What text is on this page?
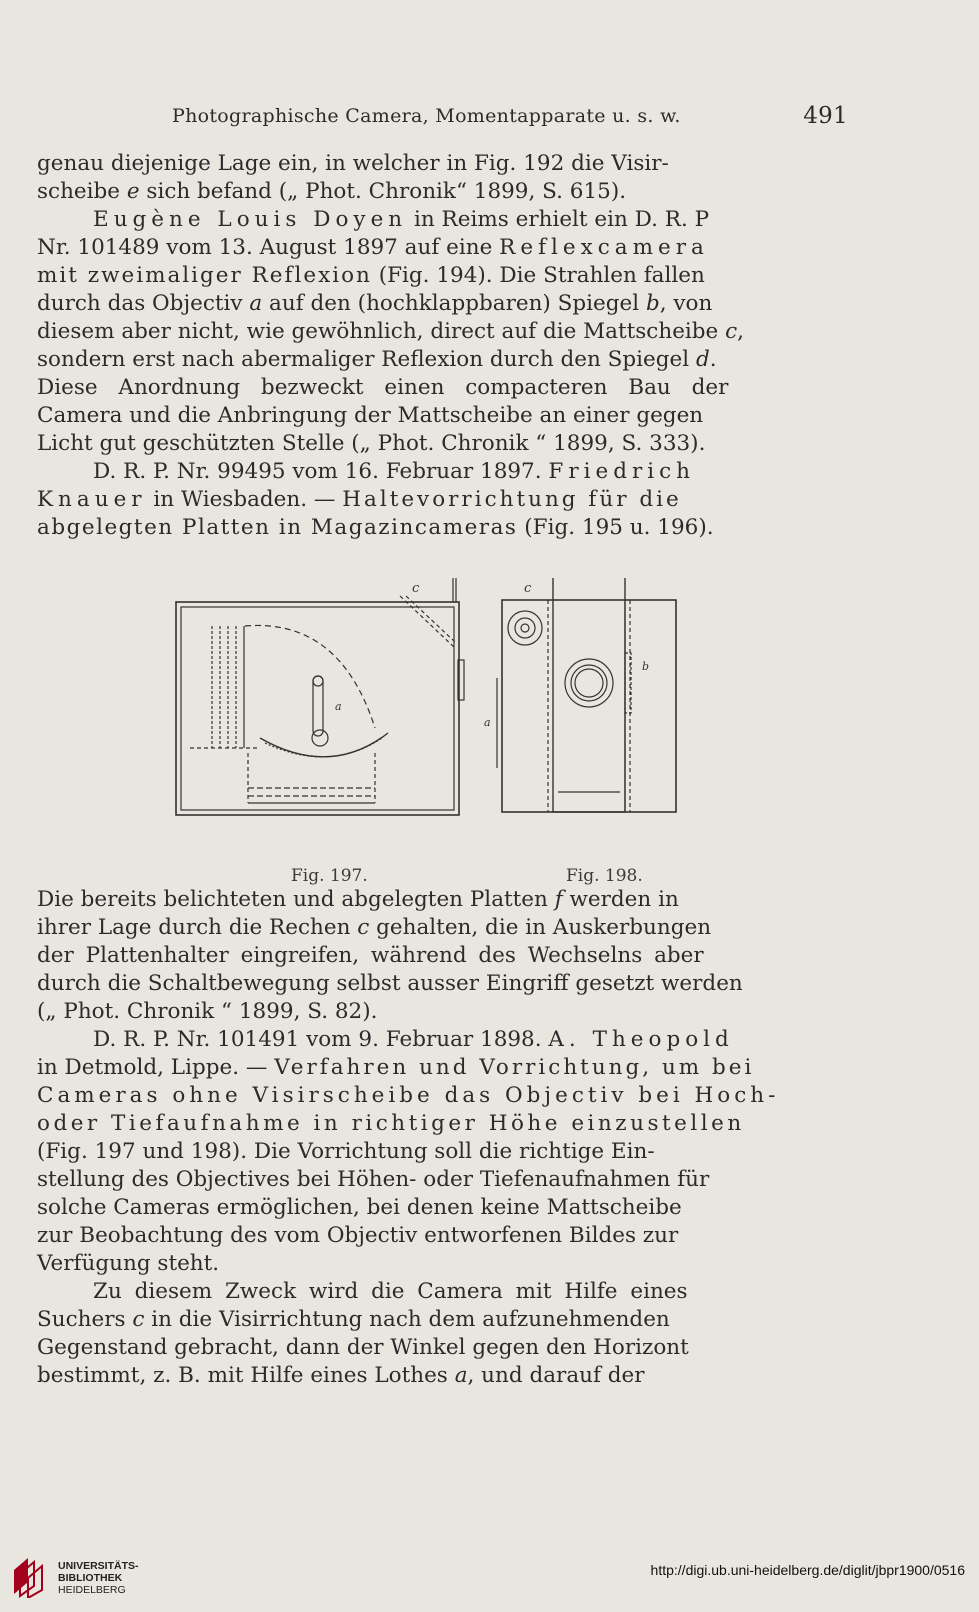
Photographische Camera, Momentapparate u. s. w.	491
genau diejenige Lage ein, in welcher in Fig. 192 die Visir-
scheibe e sich befand („ Phot. Chronik“ 1899, S. 615).
Eugène Louis Doyen in Reims erhielt ein D. R. P
Nr. 101489 vom 13. August 1897 auf eine Reflexcamera
mit zweimaliger Reflexion (Fig. 194). Die Strahlen fallen
durch das Objectiv a auf den (hochklappbaren) Spiegel b, von
diesem aber nicht, wie gewöhnlich, direct auf die Mattscheibe c,
sondern erst nach abermaliger Reflexion durch den Spiegel d.
Diese Anordnung bezweckt einen compacteren Bau der
Camera und die Anbringung der Mattscheibe an einer gegen
Licht gut geschützten Stelle („ Phot. Chronik “ 1899, S. 333).
D. R. P. Nr. 99495 vom 16. Februar 1897. Friedrich
Knauer in Wiesbaden. — Haltevorrichtung für die
abgelegten Platten in Magazincameras (Fig. 195 u. 196).
c
a
c
b
a
Fig. 197.	Fig. 198.
Die bereits belichteten und abgelegten Platten f werden in
ihrer Lage durch die Rechen c gehalten, die in Auskerbungen
der Plattenhalter eingreifen, während des Wechselns aber
durch die Schaltbewegung selbst ausser Eingriff gesetzt werden
(„ Phot. Chronik “ 1899, S. 82).
D. R. P. Nr. 101491 vom 9. Februar 1898. A. Theopold
in Detmold, Lippe. — Verfahren und Vorrichtung, um bei
Cameras ohne Visirscheibe das Objectiv bei Hoch-
oder Tiefaufnahme in richtiger Höhe einzustellen
(Fig. 197 und 198). Die Vorrichtung soll die richtige Ein-
stellung des Objectives bei Höhen- oder Tiefenaufnahmen für
solche Cameras ermöglichen, bei denen keine Mattscheibe
zur Beobachtung des vom Objectiv entworfenen Bildes zur
Verfügung steht.
Zu diesem Zweck wird die Camera mit Hilfe eines
Suchers c in die Visirrichtung nach dem aufzunehmenden
Gegenstand gebracht, dann der Winkel gegen den Horizont
bestimmt, z. B. mit Hilfe eines Lothes a, und darauf der
UNIVERSITÄTS-
BIBLIOTHEK
HEIDELBERG
http://digi.ub.uni-heidelberg.de/diglit/jbpr1900/0516
